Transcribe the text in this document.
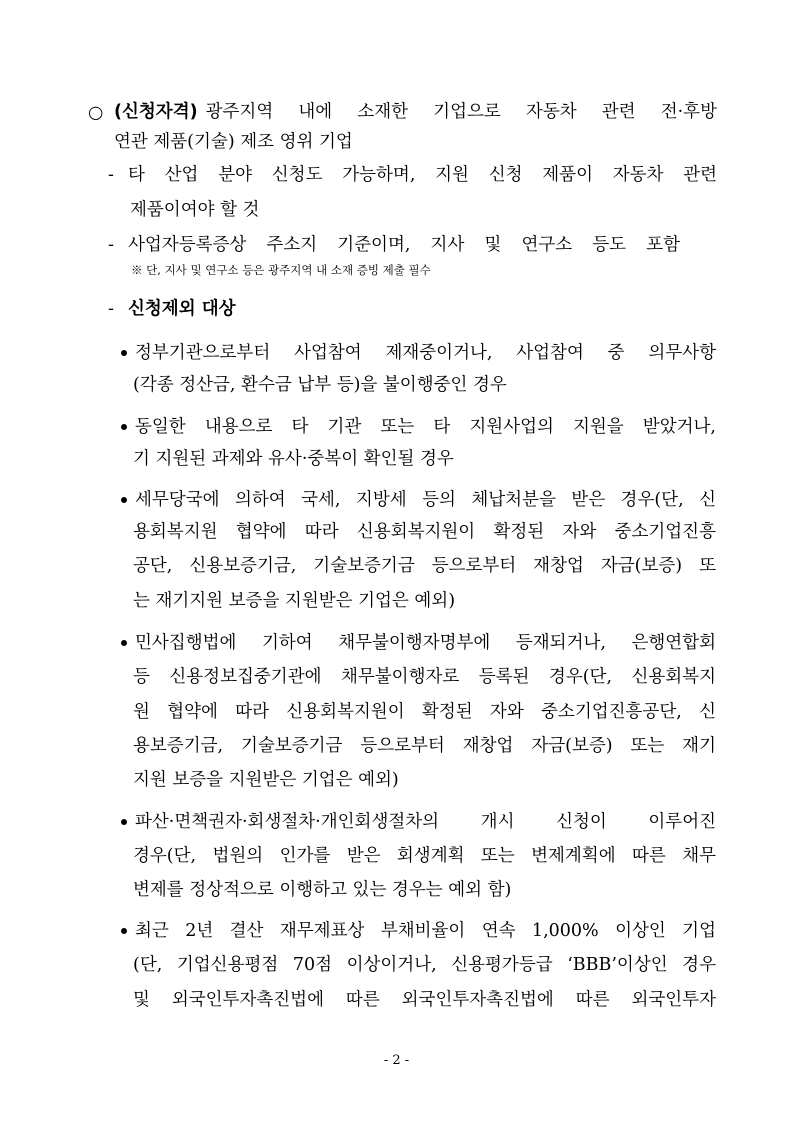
○ (신청자격) 광주지역 내에 소재한 기업으로 자동차 관련 전·후방
연관 제품(기술) 제조 영위 기업
- 타 산업 분야 신청도 가능하며, 지원 신청 제품이 자동차 관련
제품이여야 할 것
- 사업자등록증상 주소지 기준이며, 지사 및 연구소 등도 포함
※ 단, 지사 및 연구소 등은 광주지역 내 소재 증빙 제출 필수
- 신청제외 대상
정부기관으로부터 사업참여 제재중이거나, 사업참여 중 의무사항
(각종 정산금, 환수금 납부 등)을 불이행중인 경우
동일한 내용으로 타 기관 또는 타 지원사업의 지원을 받았거나,
기 지원된 과제와 유사·중복이 확인될 경우
세무당국에 의하여 국세, 지방세 등의 체납처분을 받은 경우(단, 신
용회복지원 협약에 따라 신용회복지원이 확정된 자와 중소기업진흥
공단, 신용보증기금, 기술보증기금 등으로부터 재창업 자금(보증) 또
는 재기지원 보증을 지원받은 기업은 예외)
민사집행법에 기하여 채무불이행자명부에 등재되거나, 은행연합회
등 신용정보집중기관에 채무불이행자로 등록된 경우(단, 신용회복지
원 협약에 따라 신용회복지원이 확정된 자와 중소기업진흥공단, 신
용보증기금, 기술보증기금 등으로부터 재창업 자금(보증) 또는 재기
지원 보증을 지원받은 기업은 예외)
파산·면책권자·회생절차·개인회생절차의 개시 신청이 이루어진
경우(단, 법원의 인가를 받은 회생계획 또는 변제계획에 따른 채무
변제를 정상적으로 이행하고 있는 경우는 예외 함)
최근 2년 결산 재무제표상 부채비율이 연속 1,000% 이상인 기업
(단, 기업신용평점 70점 이상이거나, 신용평가등급 ‘BBB’이상인 경우
및 외국인투자촉진법에 따른 외국인투자촉진법에 따른 외국인투자
- 2 -
